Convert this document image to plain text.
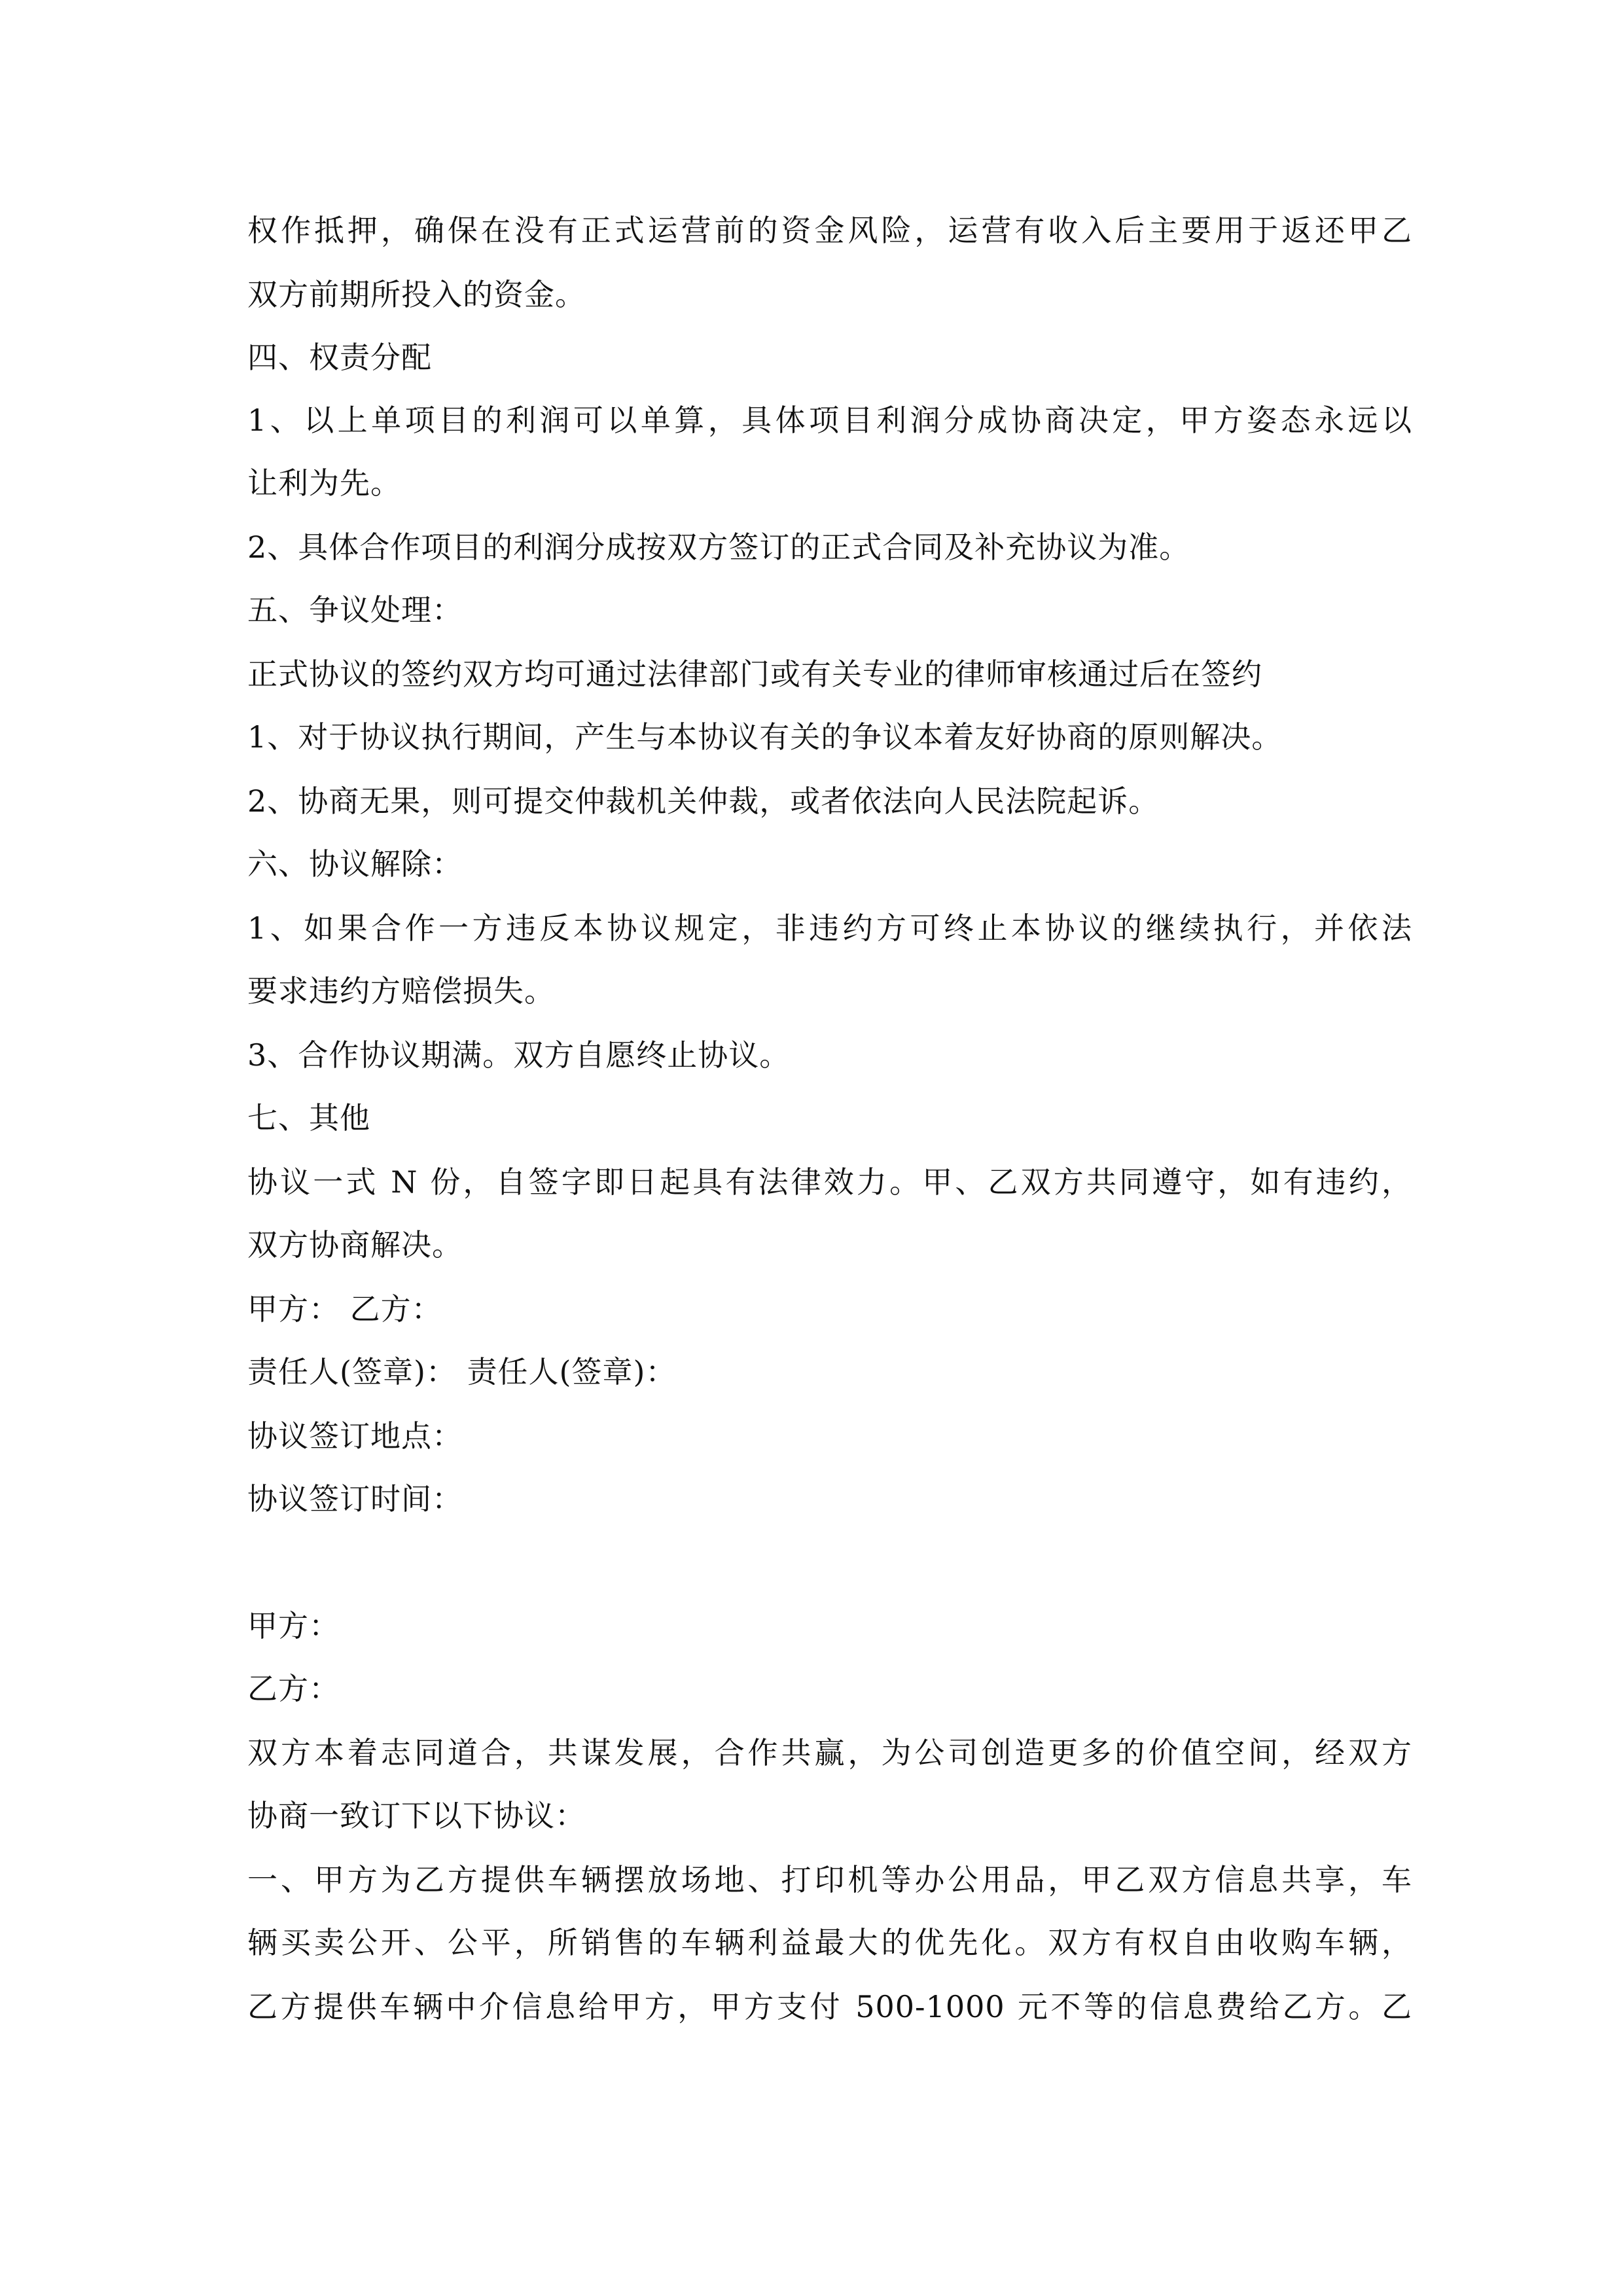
权作抵押，确保在没有正式运营前的资金风险，运营有收入后主要用于返还甲乙
双方前期所投入的资金。
四、权责分配
1、以上单项目的利润可以单算，具体项目利润分成协商决定，甲方姿态永远以
让利为先。
2、具体合作项目的利润分成按双方签订的正式合同及补充协议为准。
五、争议处理：
正式协议的签约双方均可通过法律部门或有关专业的律师审核通过后在签约
1、对于协议执行期间，产生与本协议有关的争议本着友好协商的原则解决。
2、协商无果，则可提交仲裁机关仲裁，或者依法向人民法院起诉。
六、协议解除：
1、如果合作一方违反本协议规定，非违约方可终止本协议的继续执行，并依法
要求违约方赔偿损失。
3、合作协议期满。双方自愿终止协议。
七、其他
协议一式 N 份，自签字即日起具有法律效力。甲、乙双方共同遵守，如有违约，
双方协商解决。
甲方： 乙方：
责任人(签章)： 责任人(签章)：
协议签订地点：
协议签订时间：
甲方：
乙方：
双方本着志同道合，共谋发展，合作共赢，为公司创造更多的价值空间，经双方
协商一致订下以下协议：
一、甲方为乙方提供车辆摆放场地、打印机等办公用品，甲乙双方信息共享，车
辆买卖公开、公平，所销售的车辆利益最大的优先化。双方有权自由收购车辆，
乙方提供车辆中介信息给甲方，甲方支付 500-1000 元不等的信息费给乙方。乙
